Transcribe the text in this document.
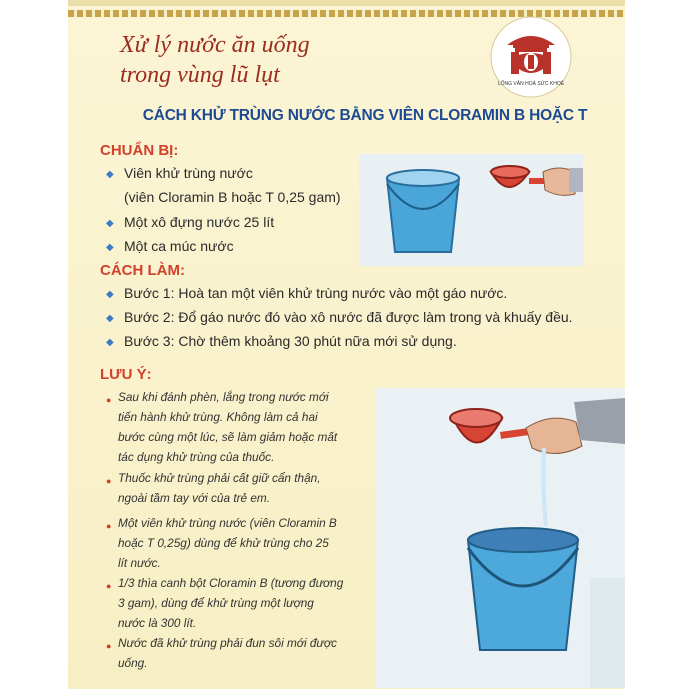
Xử lý nước ăn uống
trong vùng lũ lụt	LỐNG VĂN HOÁ SỨC KHOẺ
CÁCH KHỬ TRÙNG NƯỚC BẰNG VIÊN CLORAMIN B HOẶC T
CHUẨN BỊ:
◆ Viên khử trùng nước
(viên Cloramin B hoặc T 0,25 gam)
◆ Một xô đựng nước 25 lít
◆ Một ca múc nước
CÁCH LÀM:
◆ Bước 1: Hoà tan một viên khử trùng nước vào một gáo nước.
◆ Bước 2: Đổ gáo nước đó vào xô nước đã được làm trong và khuấy đều.
◆ Bước 3: Chờ thêm khoảng 30 phút nữa mới sử dụng.
LƯU Ý:
● Sau khi đánh phèn, lắng trong nước mới
tiến hành khử trùng. Không làm cả hai
bước cùng một lúc, sẽ làm giảm hoặc mất
tác dụng khử trùng của thuốc.
● Thuốc khử trùng phải cất giữ cẩn thận,
ngoài tầm tay với của trẻ em.
● Một viên khử trùng nước (viên Cloramin B
hoặc T 0,25g) dùng để khử trùng cho 25
lít nước.
● 1/3 thìa canh bột Cloramin B (tương đương
3 gam), dùng để khử trùng một lượng
nước là 300 lít.
● Nước đã khử trùng phải đun sôi mới được
uống.
